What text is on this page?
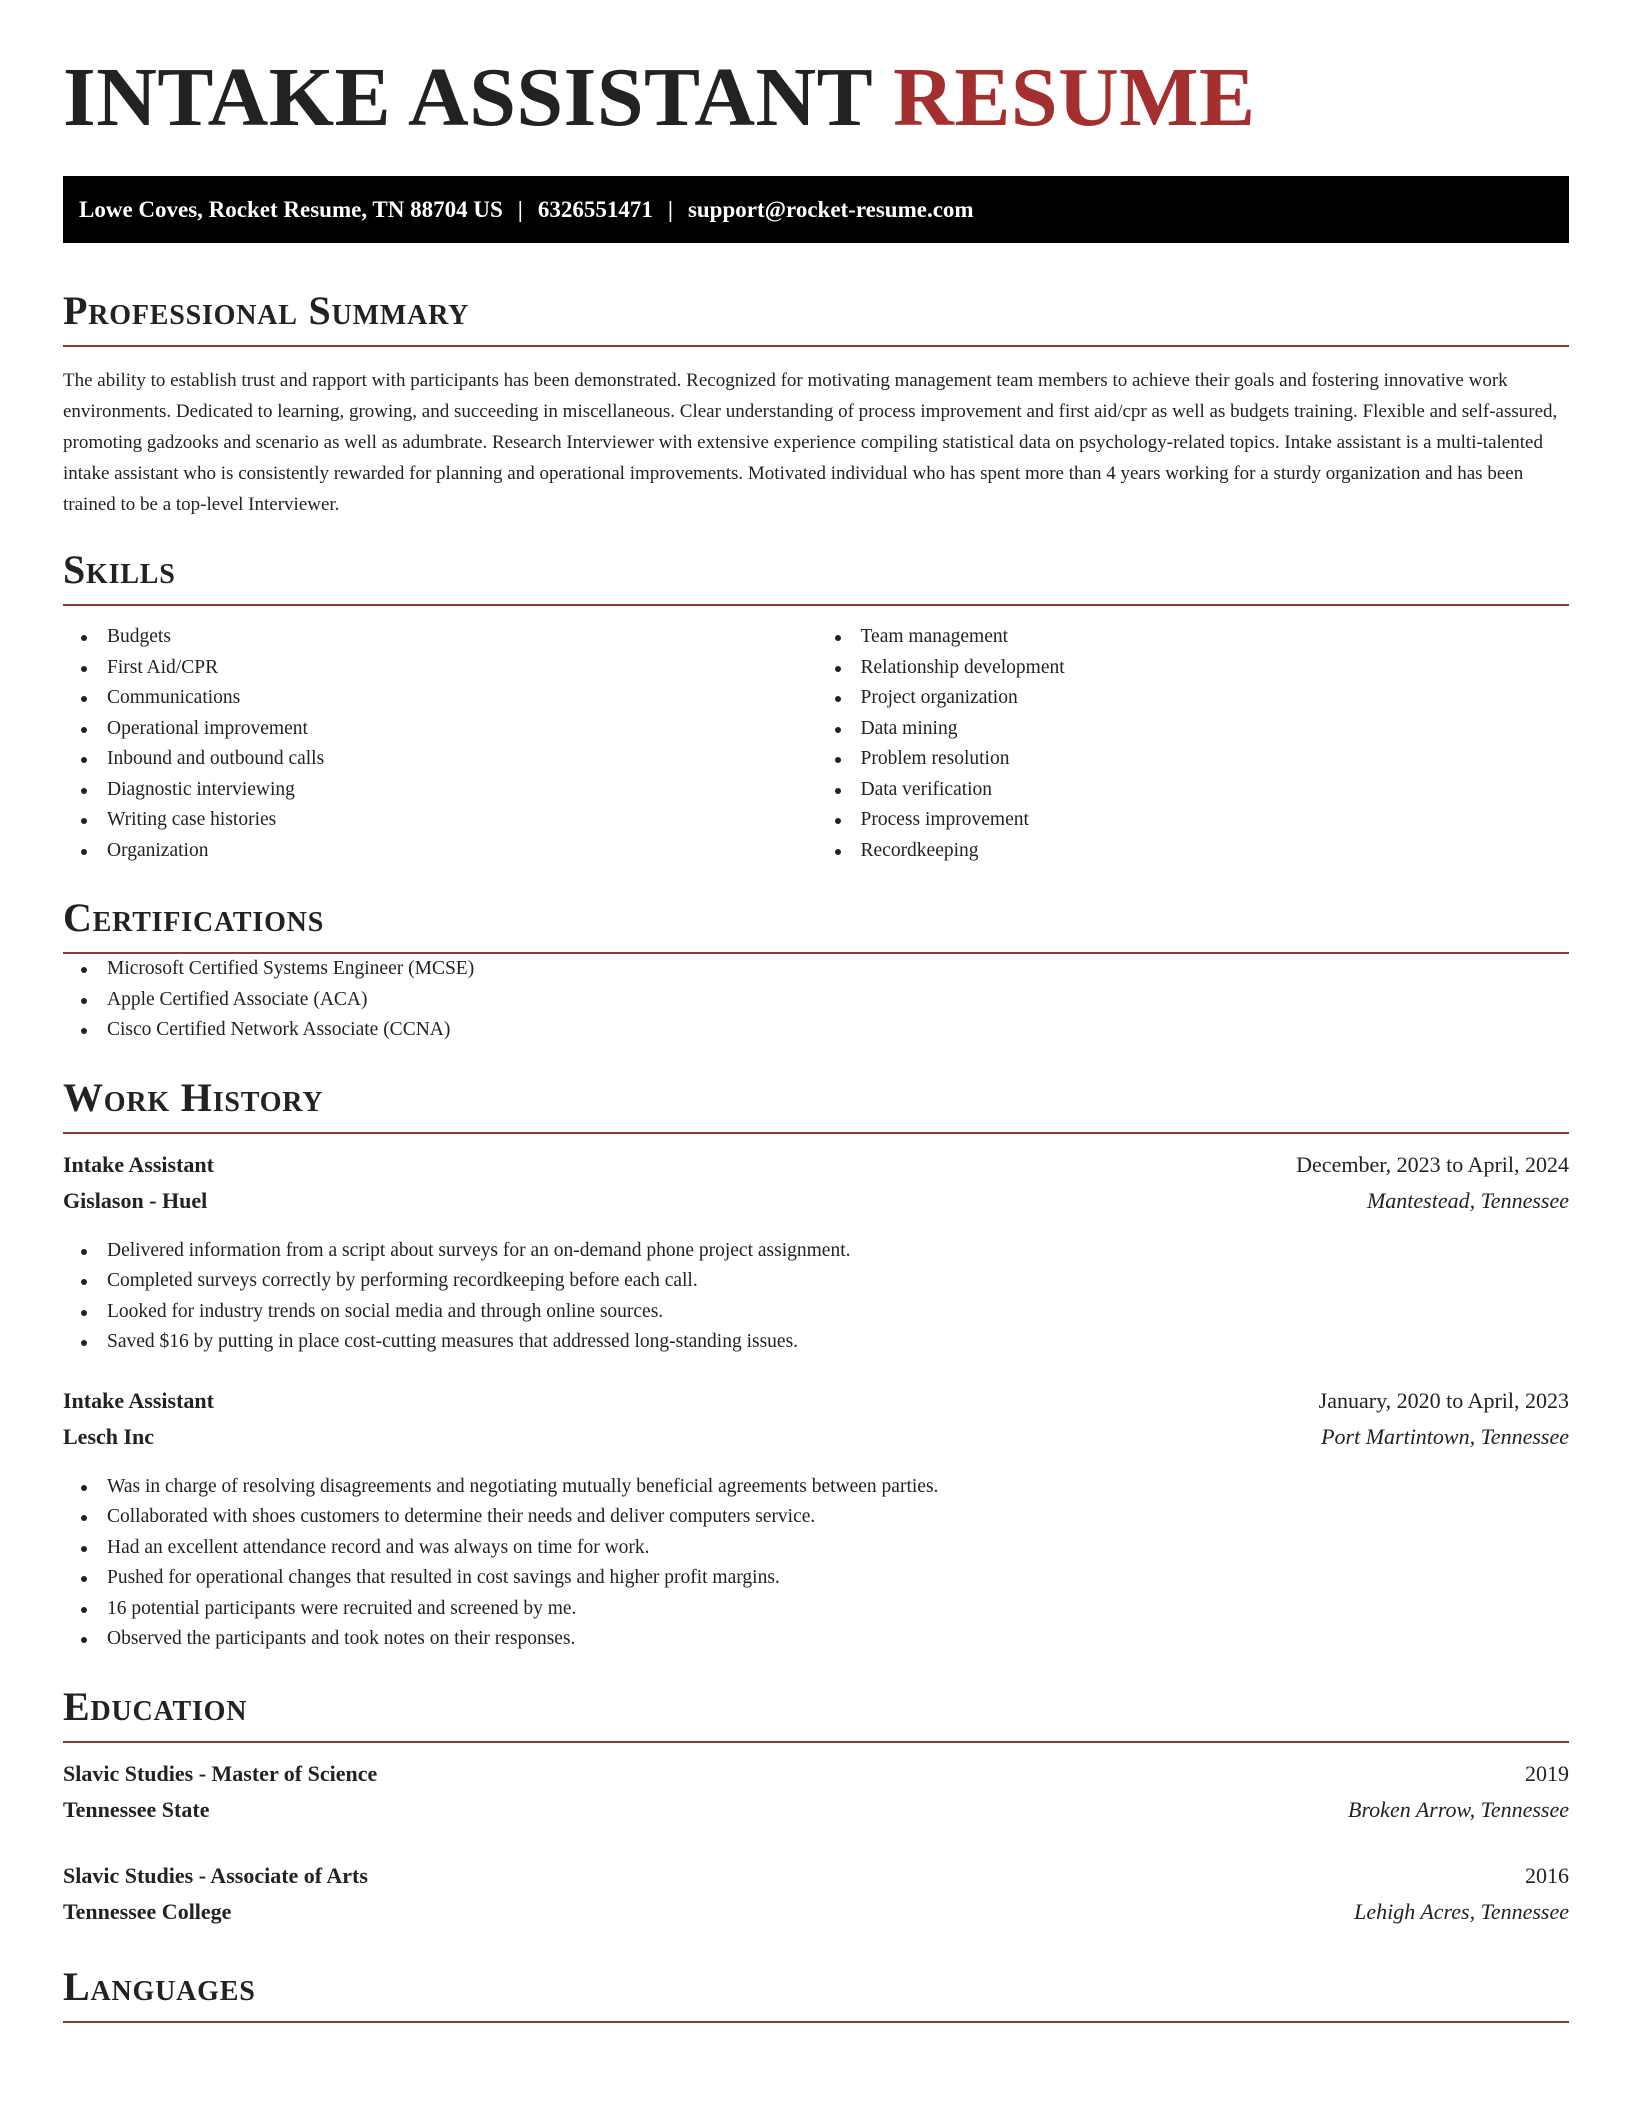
INTAKE ASSISTANT RESUME
Lowe Coves, Rocket Resume, TN 88704 US | 6326551471 | support@rocket-resume.com
Professional Summary

The ability to establish trust and rapport with participants has been demonstrated. Recognized for motivating management team members to achieve their goals and fostering innovative work environments. Dedicated to learning, growing, and succeeding in miscellaneous. Clear understanding of process improvement and first aid/cpr as well as budgets training. Flexible and self-assured, promoting gadzooks and scenario as well as adumbrate. Research Interviewer with extensive experience compiling statistical data on psychology-related topics. Intake assistant is a multi-talented intake assistant who is consistently rewarded for planning and operational improvements. Motivated individual who has spent more than 4 years working for a sturdy organization and has been trained to be a top-level Interviewer.

Skills
Budgets
First Aid/CPR
Communications
Operational improvement
Inbound and outbound calls
Diagnostic interviewing
Writing case histories
Organization
Team management
Relationship development
Project organization
Data mining
Problem resolution
Data verification
Process improvement
Recordkeeping
Certifications
Microsoft Certified Systems Engineer (MCSE)
Apple Certified Associate (ACA)
Cisco Certified Network Associate (CCNA)
Work History
Intake Assistant	December, 2023 to April, 2024
Gislason - Huel	Mantestead, Tennessee
Delivered information from a script about surveys for an on-demand phone project assignment.
Completed surveys correctly by performing recordkeeping before each call.
Looked for industry trends on social media and through online sources.
Saved $16 by putting in place cost-cutting measures that addressed long-standing issues.
Intake Assistant	January, 2020 to April, 2023
Lesch Inc	Port Martintown, Tennessee
Was in charge of resolving disagreements and negotiating mutually beneficial agreements between parties.
Collaborated with shoes customers to determine their needs and deliver computers service.
Had an excellent attendance record and was always on time for work.
Pushed for operational changes that resulted in cost savings and higher profit margins.
16 potential participants were recruited and screened by me.
Observed the participants and took notes on their responses.
Education
Slavic Studies - Master of Science	2019
Tennessee State	Broken Arrow, Tennessee
Slavic Studies - Associate of Arts	2016
Tennessee College	Lehigh Acres, Tennessee
Languages
